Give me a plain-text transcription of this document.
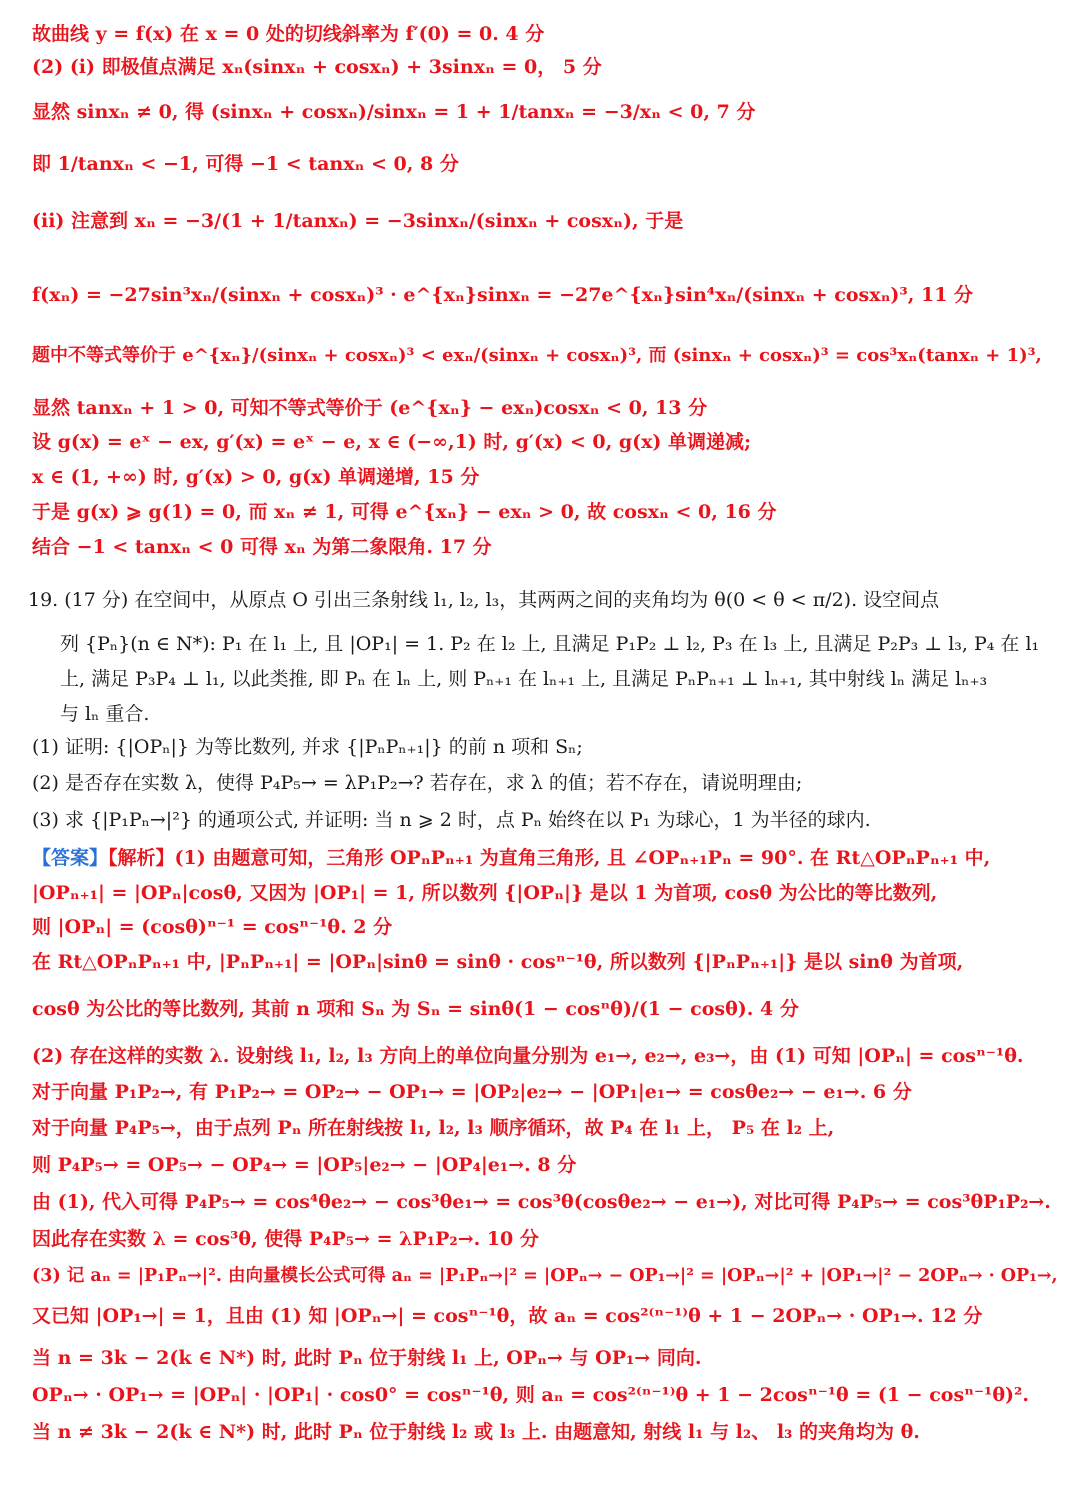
故曲线 y = f(x) 在 x = 0 处的切线斜率为 f′(0) = 0. 4 分
(2) (i) 即极值点满足 xₙ(sinxₙ + cosxₙ) + 3sinxₙ = 0， 5 分
显然 sinxₙ ≠ 0, 得 (sinxₙ + cosxₙ)/sinxₙ = 1 + 1/tanxₙ = −3/xₙ < 0, 7 分
即 1/tanxₙ < −1, 可得 −1 < tanxₙ < 0, 8 分
(ii) 注意到 xₙ = −3/(1 + 1/tanxₙ) = −3sinxₙ/(sinxₙ + cosxₙ), 于是
f(xₙ) = −27sin³xₙ/(sinxₙ + cosxₙ)³ · e^{xₙ}sinxₙ = −27e^{xₙ}sin⁴xₙ/(sinxₙ + cosxₙ)³, 11 分
题中不等式等价于 e^{xₙ}/(sinxₙ + cosxₙ)³ < exₙ/(sinxₙ + cosxₙ)³, 而 (sinxₙ + cosxₙ)³ = cos³xₙ(tanxₙ + 1)³,
显然 tanxₙ + 1 > 0, 可知不等式等价于 (e^{xₙ} − exₙ)cosxₙ < 0, 13 分
设 g(x) = eˣ − ex, g′(x) = eˣ − e, x ∈ (−∞,1) 时, g′(x) < 0, g(x) 单调递减;
x ∈ (1, +∞) 时, g′(x) > 0, g(x) 单调递增, 15 分
于是 g(x) ⩾ g(1) = 0, 而 xₙ ≠ 1, 可得 e^{xₙ} − exₙ > 0, 故 cosxₙ < 0, 16 分
结合 −1 < tanxₙ < 0 可得 xₙ 为第二象限角. 17 分
19. (17 分) 在空间中，从原点 O 引出三条射线 l₁, l₂, l₃，其两两之间的夹角均为 θ(0 < θ < π/2). 设空间点
列 {Pₙ}(n ∈ N*): P₁ 在 l₁ 上, 且 |OP₁| = 1. P₂ 在 l₂ 上, 且满足 P₁P₂ ⊥ l₂, P₃ 在 l₃ 上, 且满足 P₂P₃ ⊥ l₃, P₄ 在 l₁
上, 满足 P₃P₄ ⊥ l₁, 以此类推, 即 Pₙ 在 lₙ 上, 则 Pₙ₊₁ 在 lₙ₊₁ 上, 且满足 PₙPₙ₊₁ ⊥ lₙ₊₁, 其中射线 lₙ 满足 lₙ₊₃
与 lₙ 重合.
(1) 证明: {|OPₙ|} 为等比数列, 并求 {|PₙPₙ₊₁|} 的前 n 项和 Sₙ;
(2) 是否存在实数 λ，使得 P₄P₅→ = λP₁P₂→? 若存在，求 λ 的值；若不存在，请说明理由;
(3) 求 {|P₁Pₙ→|²} 的通项公式, 并证明: 当 n ⩾ 2 时，点 Pₙ 始终在以 P₁ 为球心，1 为半径的球内.
【答案】【解析】(1) 由题意可知，三角形 OPₙPₙ₊₁ 为直角三角形, 且 ∠OPₙ₊₁Pₙ = 90°. 在 Rt△OPₙPₙ₊₁ 中,
|OPₙ₊₁| = |OPₙ|cosθ, 又因为 |OP₁| = 1, 所以数列 {|OPₙ|} 是以 1 为首项, cosθ 为公比的等比数列,
则 |OPₙ| = (cosθ)ⁿ⁻¹ = cosⁿ⁻¹θ. 2 分
在 Rt△OPₙPₙ₊₁ 中, |PₙPₙ₊₁| = |OPₙ|sinθ = sinθ · cosⁿ⁻¹θ, 所以数列 {|PₙPₙ₊₁|} 是以 sinθ 为首项,
cosθ 为公比的等比数列, 其前 n 项和 Sₙ 为 Sₙ = sinθ(1 − cosⁿθ)/(1 − cosθ). 4 分
(2) 存在这样的实数 λ. 设射线 l₁, l₂, l₃ 方向上的单位向量分别为 e₁→, e₂→, e₃→，由 (1) 可知 |OPₙ| = cosⁿ⁻¹θ.
对于向量 P₁P₂→, 有 P₁P₂→ = OP₂→ − OP₁→ = |OP₂|e₂→ − |OP₁|e₁→ = cosθe₂→ − e₁→. 6 分
对于向量 P₄P₅→，由于点列 Pₙ 所在射线按 l₁, l₂, l₃ 顺序循环，故 P₄ 在 l₁ 上， P₅ 在 l₂ 上,
则 P₄P₅→ = OP₅→ − OP₄→ = |OP₅|e₂→ − |OP₄|e₁→. 8 分
由 (1), 代入可得 P₄P₅→ = cos⁴θe₂→ − cos³θe₁→ = cos³θ(cosθe₂→ − e₁→), 对比可得 P₄P₅→ = cos³θP₁P₂→.
因此存在实数 λ = cos³θ, 使得 P₄P₅→ = λP₁P₂→. 10 分
(3) 记 aₙ = |P₁Pₙ→|². 由向量模长公式可得 aₙ = |P₁Pₙ→|² = |OPₙ→ − OP₁→|² = |OPₙ→|² + |OP₁→|² − 2OPₙ→ · OP₁→,
又已知 |OP₁→| = 1，且由 (1) 知 |OPₙ→| = cosⁿ⁻¹θ，故 aₙ = cos²⁽ⁿ⁻¹⁾θ + 1 − 2OPₙ→ · OP₁→. 12 分
当 n = 3k − 2(k ∈ N*) 时, 此时 Pₙ 位于射线 l₁ 上, OPₙ→ 与 OP₁→ 同向.
OPₙ→ · OP₁→ = |OPₙ| · |OP₁| · cos0° = cosⁿ⁻¹θ, 则 aₙ = cos²⁽ⁿ⁻¹⁾θ + 1 − 2cosⁿ⁻¹θ = (1 − cosⁿ⁻¹θ)².
当 n ≠ 3k − 2(k ∈ N*) 时, 此时 Pₙ 位于射线 l₂ 或 l₃ 上. 由题意知, 射线 l₁ 与 l₂、 l₃ 的夹角均为 θ.
